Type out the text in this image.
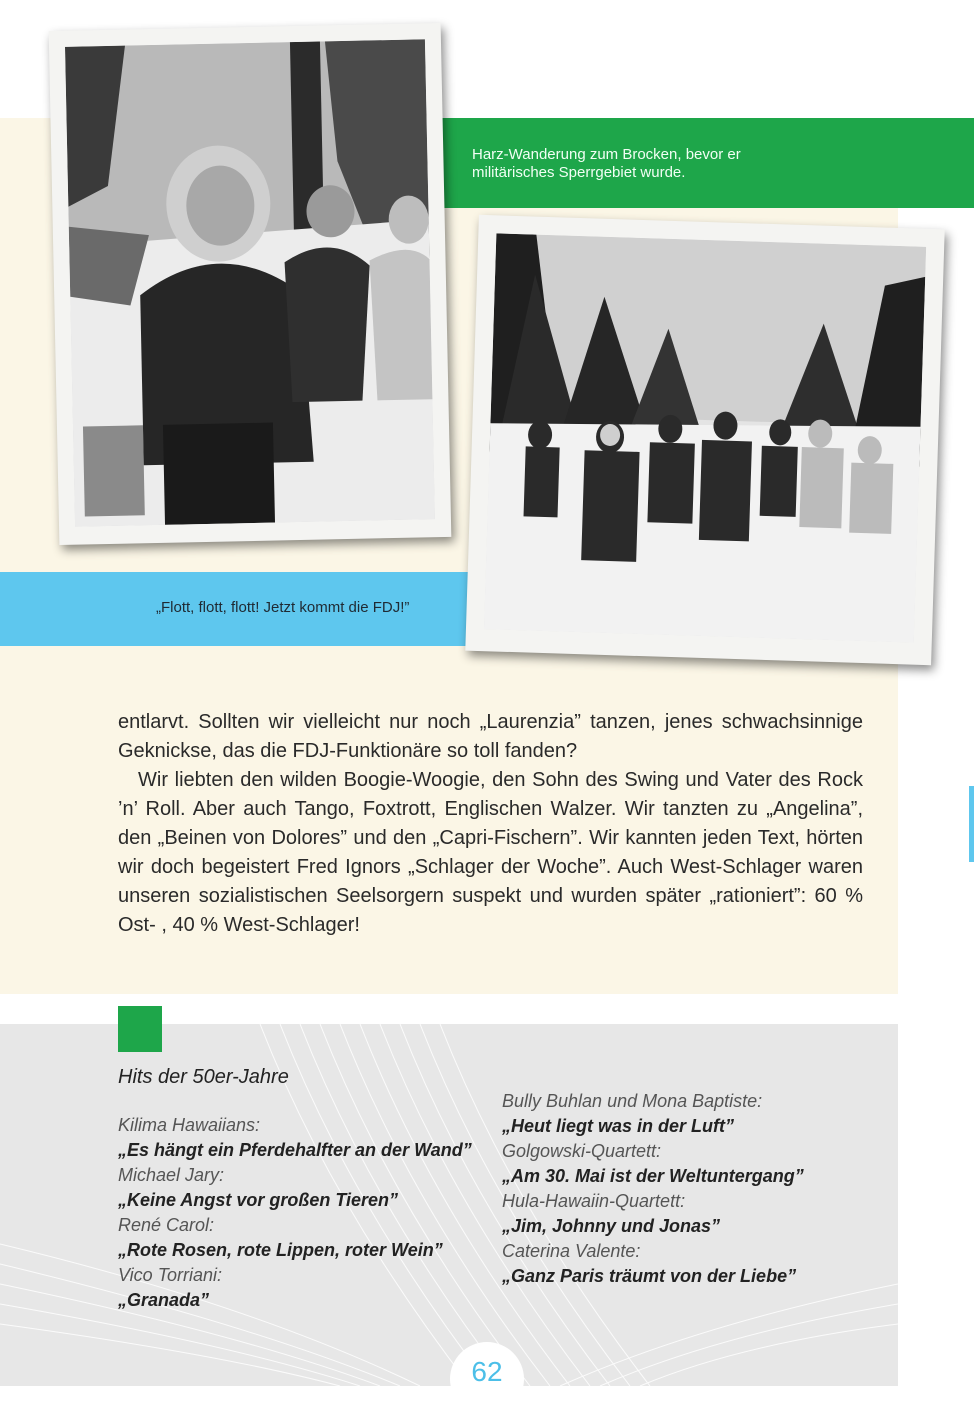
Harz-Wanderung zum Brocken, bevor er militärisches Sperrgebiet wurde.
„Flott, flott, flott! Jetzt kommt die FDJ!”

entlarvt. Sollten wir vielleicht nur noch „Laurenzia” tanzen, jenes schwachsinnige Geknickse, das die FDJ-Funktionäre so toll fanden?

Wir liebten den wilden Boogie-Woogie, den Sohn des Swing und Vater des Rock ’n’ Roll. Aber auch Tango, Foxtrott, Englischen Walzer. Wir tanzten zu „Angelina”, den „Beinen von Dolores” und den „Capri-Fischern”. Wir kannten jeden Text, hörten wir doch begeistert Fred Ignors „Schlager der Woche”. Auch West-Schlager waren unseren sozialistischen Seelsorgern suspekt und wurden später „rationiert”: 60 % Ost- , 40 % West-Schlager!

Hits der 50er-Jahre
Kilima Hawaiians:
„Es hängt ein Pferdehalfter an der Wand”
Michael Jary:
„Keine Angst vor großen Tieren”
René Carol:
„Rote Rosen, rote Lippen, roter Wein”
Vico Torriani:
„Granada”
Bully Buhlan und Mona Baptiste:
„Heut liegt was in der Luft”
Golgowski-Quartett:
„Am 30. Mai ist der Weltuntergang”
Hula-Hawaiin-Quartett:
„Jim, Johnny und Jonas”
Caterina Valente:
„Ganz Paris träumt von der Liebe”
62
